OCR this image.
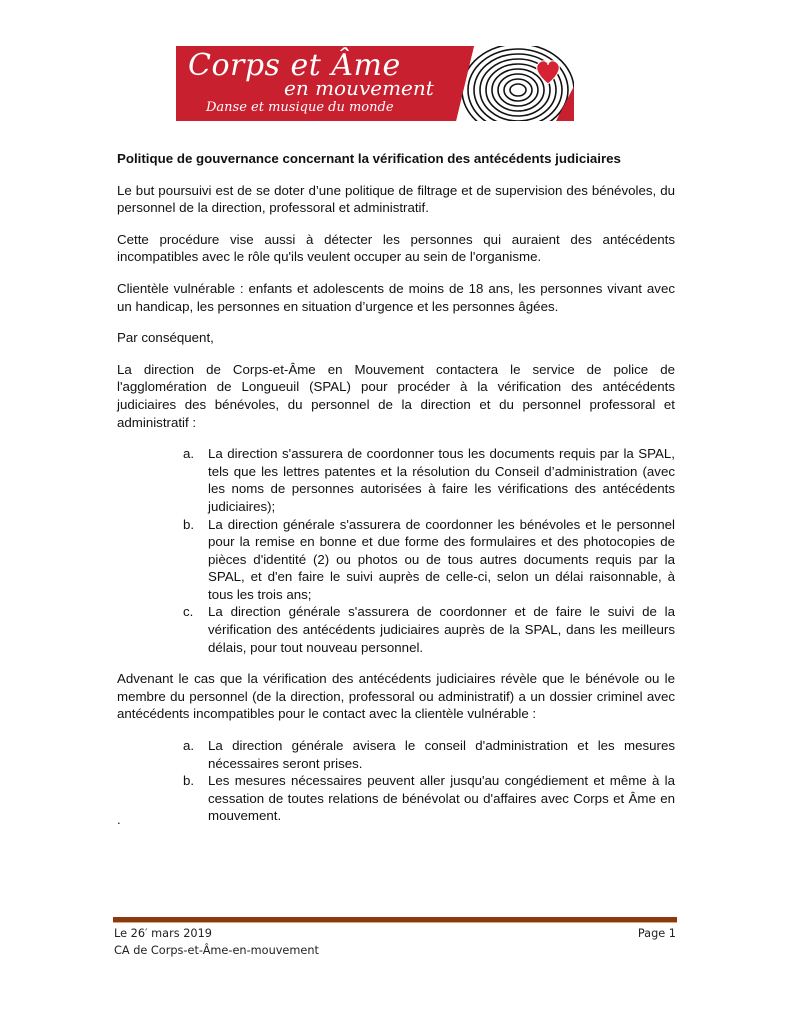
Corps et Âme
en mouvement
Danse et musique du monde
Politique de gouvernance concernant la vérification des antécédents judiciaires

Le but poursuivi est de se doter d’une politique de filtrage et de supervision des bénévoles, du personnel de la direction, professoral et administratif.

Cette procédure vise aussi à détecter les personnes qui auraient des antécédents incompatibles avec le rôle qu'ils veulent occuper au sein de l'organisme.

Clientèle vulnérable : enfants et adolescents de moins de 18 ans, les personnes vivant avec un handicap, les personnes en situation d’urgence et les personnes âgées.

Par conséquent,

La direction de Corps-et-Âme en Mouvement contactera le service de police de l'agglomération de Longueuil (SPAL) pour procéder à la vérification des antécédents judiciaires des bénévoles, du personnel de la direction et du personnel professoral et administratif :

a. La direction s'assurera de coordonner tous les documents requis par la SPAL, tels que les lettres patentes et la résolution du Conseil d’administration (avec les noms de personnes autorisées à faire les vérifications des antécédents judiciaires);
b. La direction générale s'assurera de coordonner les bénévoles et le personnel pour la remise en bonne et due forme des formulaires et des photocopies de pièces d'identité (2) ou photos ou de tous autres documents requis par la SPAL, et d'en faire le suivi auprès de celle-ci, selon un délai raisonnable, à tous les trois ans;
c. La direction générale s'assurera de coordonner et de faire le suivi de la vérification des antécédents judiciaires auprès de la SPAL, dans les meilleurs délais, pour tout nouveau personnel.

Advenant le cas que la vérification des antécédents judiciaires révèle que le bénévole ou le membre du personnel (de la direction, professoral ou administratif) a un dossier criminel avec antécédents incompatibles pour le contact avec la clientèle vulnérable :

a. La direction générale avisera le conseil d'administration et les mesures nécessaires seront prises.
b. Les mesures nécessaires peuvent aller jusqu'au congédiement et même à la cessation de toutes relations de bénévolat ou d'affaires avec Corps et Âme en mouvement.
.
Le 26′ mars 2019	Page 1
CA de Corps-et-Âme-en-mouvement
